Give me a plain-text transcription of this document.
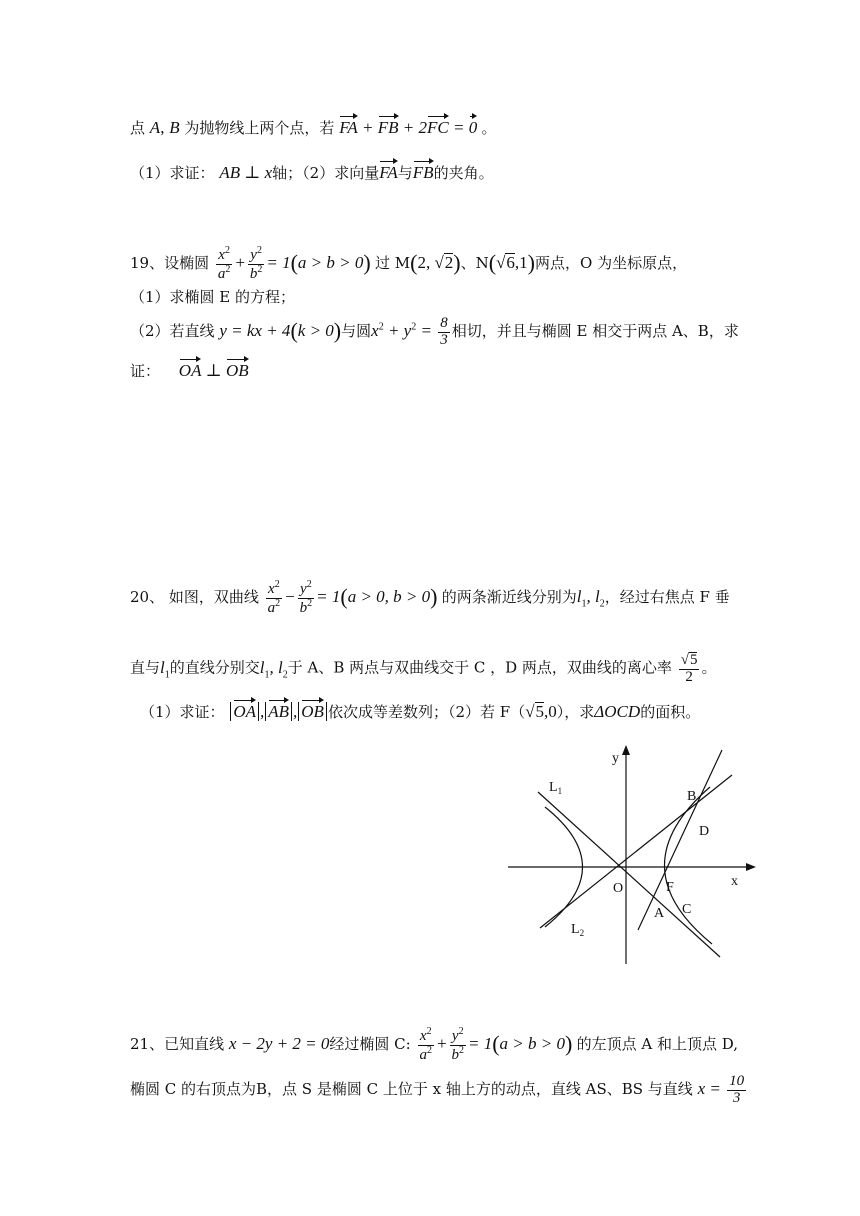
点 A, B 为抛物线上两个点，若 FA + FB + 2FC = 0 。
（1）求证： AB ⊥ x轴；（2）求向量FA与FB的夹角。
19、设椭圆 $\frac{x^2}{a^2} + \frac{y^2}{b^2} = 1(a > b > 0)$ 过 M(2, √2)、N(√6,1)两点，O 为坐标原点，
（1）求椭圆 E 的方程；
（2）若直线 y = kx + 4(k > 0)与圆$x^2 + y^2 = \frac{8}{3}$ 相切，并且与椭圆 E 相交于两点 A、B，求
证： OA ⊥ OB
20、 如图，双曲线 $\frac{x^2}{a^2} - \frac{y^2}{b^2} = 1(a > 0$, b > 0) 的两条渐近线分别为$l_1$, $l_2$，经过右焦点 F 垂
直与$l_1$的直线分别交$l_1$, $l_2$于 A、B 两点与双曲线交于 C ，D 两点，双曲线的离心率 $\frac{√5}{2}$ 。
（1）求证： OA , AB , OB 依次成等差数列；（2）若 F（√5,0），求ΔOCD的面积。
y
x
O	F
A
B
C
D
$L_1$
$L_2$
21、已知直线 x − 2y + 2 = 0经过椭圆 C: $\frac{x^2}{a^2} + \frac{y^2}{b^2} = 1(a > b > 0)$ 的左顶点 A 和上顶点 D,
椭圆 C 的右顶点为B，点 S 是椭圆 C 上位于 x 轴上方的动点，直线 AS、BS 与直线 $x = \frac{10}{3}$
